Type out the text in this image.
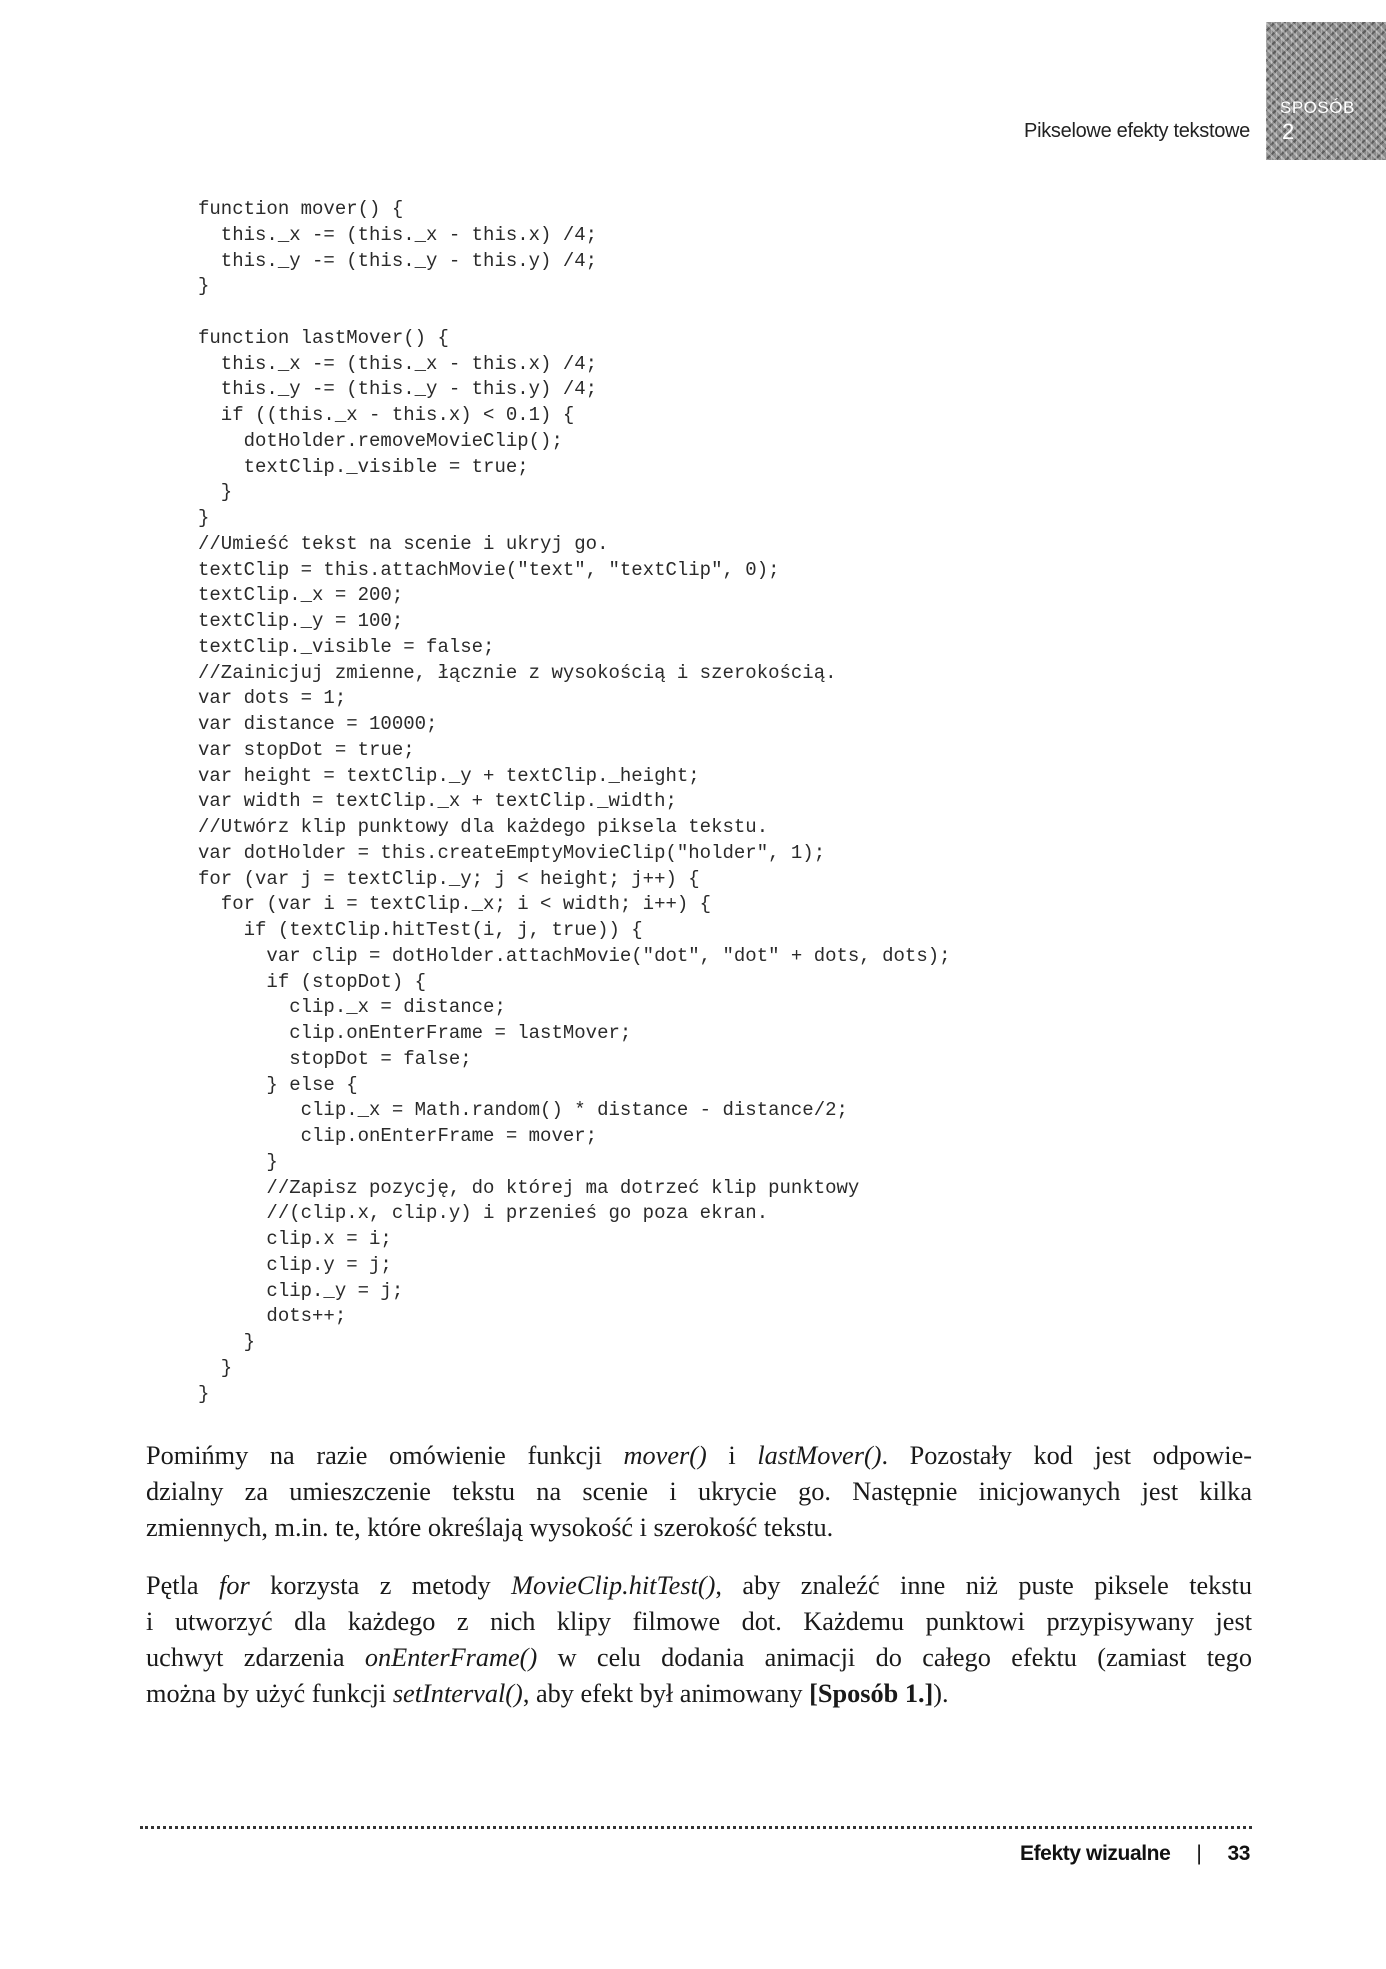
SPOSÓB
2
Pikselowe efekty tekstowe
function mover() {
this._x -= (this._x - this.x) /4;
this._y -= (this._y - this.y) /4;
}

function lastMover() {
this._x -= (this._x - this.x) /4;
this._y -= (this._y - this.y) /4;
if ((this._x - this.x) < 0.1) {
dotHolder.removeMovieClip();
textClip._visible = true;
}
}
//Umieść tekst na scenie i ukryj go.
textClip = this.attachMovie("text", "textClip", 0);
textClip._x = 200;
textClip._y = 100;
textClip._visible = false;
//Zainicjuj zmienne, łącznie z wysokością i szerokością.
var dots = 1;
var distance = 10000;
var stopDot = true;
var height = textClip._y + textClip._height;
var width = textClip._x + textClip._width;
//Utwórz klip punktowy dla każdego piksela tekstu.
var dotHolder = this.createEmptyMovieClip("holder", 1);
for (var j = textClip._y; j < height; j++) {
for (var i = textClip._x; i < width; i++) {
if (textClip.hitTest(i, j, true)) {
var clip = dotHolder.attachMovie("dot", "dot" + dots, dots);
if (stopDot) {
clip._x = distance;
clip.onEnterFrame = lastMover;
stopDot = false;
} else {
clip._x = Math.random() * distance - distance/2;
clip.onEnterFrame = mover;
}
//Zapisz pozycję, do której ma dotrzeć klip punktowy
//(clip.x, clip.y) i przenieś go poza ekran.
clip.x = i;
clip.y = j;
clip._y = j;
dots++;
}
}
}

Pomińmy na razie omówienie funkcji mover() i lastMover(). Pozostały kod jest odpowie-
dzialny za umieszczenie tekstu na scenie i ukrycie go. Następnie inicjowanych jest kilka
zmiennych, m.in. te, które określają wysokość i szerokość tekstu.

Pętla for korzysta z metody MovieClip.hitTest(), aby znaleźć inne niż puste piksele tekstu
i utworzyć dla każdego z nich klipy filmowe dot. Każdemu punktowi przypisywany jest
uchwyt zdarzenia onEnterFrame() w celu dodania animacji do całego efektu (zamiast tego
można by użyć funkcji setInterval(), aby efekt był animowany [Sposób 1.]).

Efekty wizualne | 33
